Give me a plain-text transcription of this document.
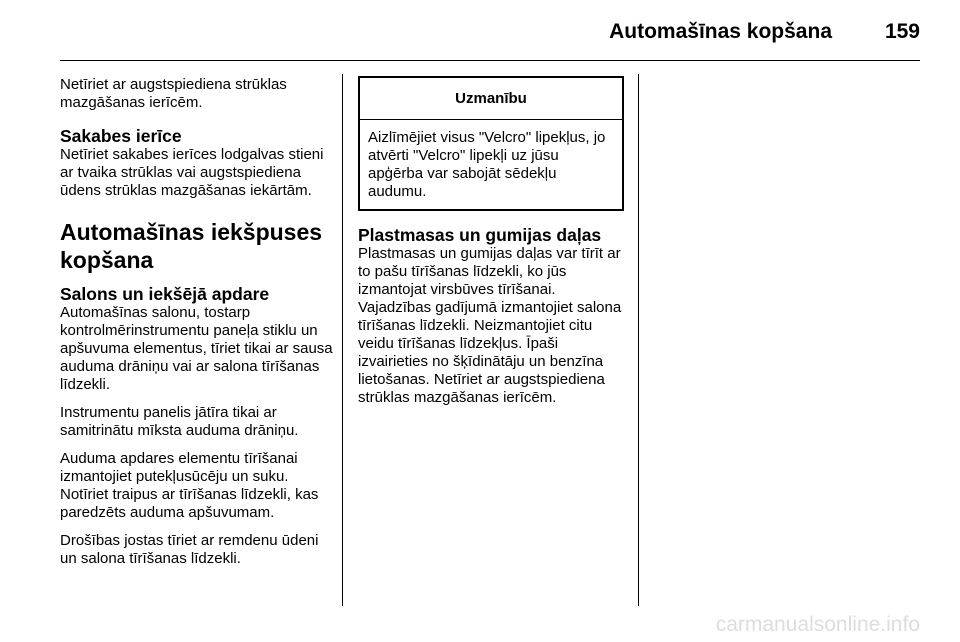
Automašīnas kopšana	159

Netīriet ar augstspiediena strūklas mazgāšanas ierīcēm.

Sakabes ierīce

Netīriet sakabes ierīces lodgalvas stieni ar tvaika strūklas vai augstspiediena ūdens strūklas mazgāšanas iekārtām.

Automašīnas iekšpuses kopšana
Salons un iekšējā apdare

Automašīnas salonu, tostarp kontrolmērinstrumentu paneļa stiklu un apšuvuma elementus, tīriet tikai ar sausa auduma drāniņu vai ar salona tīrīšanas līdzekli.

Instrumentu panelis jātīra tikai ar samitrinātu mīksta auduma drāniņu.

Auduma apdares elementu tīrīšanai izmantojiet putekļusūcēju un suku. Notīriet traipus ar tīrīšanas līdzekli, kas paredzēts auduma apšuvumam.

Drošības jostas tīriet ar remdenu ūdeni un salona tīrīšanas līdzekli.

Uzmanību
Aizlīmējiet visus "Velcro" lipekļus, jo atvērti "Velcro" lipekļi uz jūsu apģērba var sabojāt sēdekļu audumu.
Plastmasas un gumijas daļas

Plastmasas un gumijas daļas var tīrīt ar to pašu tīrīšanas līdzekli, ko jūs izmantojat virsbūves tīrīšanai. Vajadzības gadījumā izmantojiet salona tīrīšanas līdzekli. Neizmantojiet citu veidu tīrīšanas līdzekļus. Īpaši izvairieties no šķīdinātāju un benzīna lietošanas. Netīriet ar augstspiediena strūklas mazgāšanas ierīcēm.

carmanualsonline.info
